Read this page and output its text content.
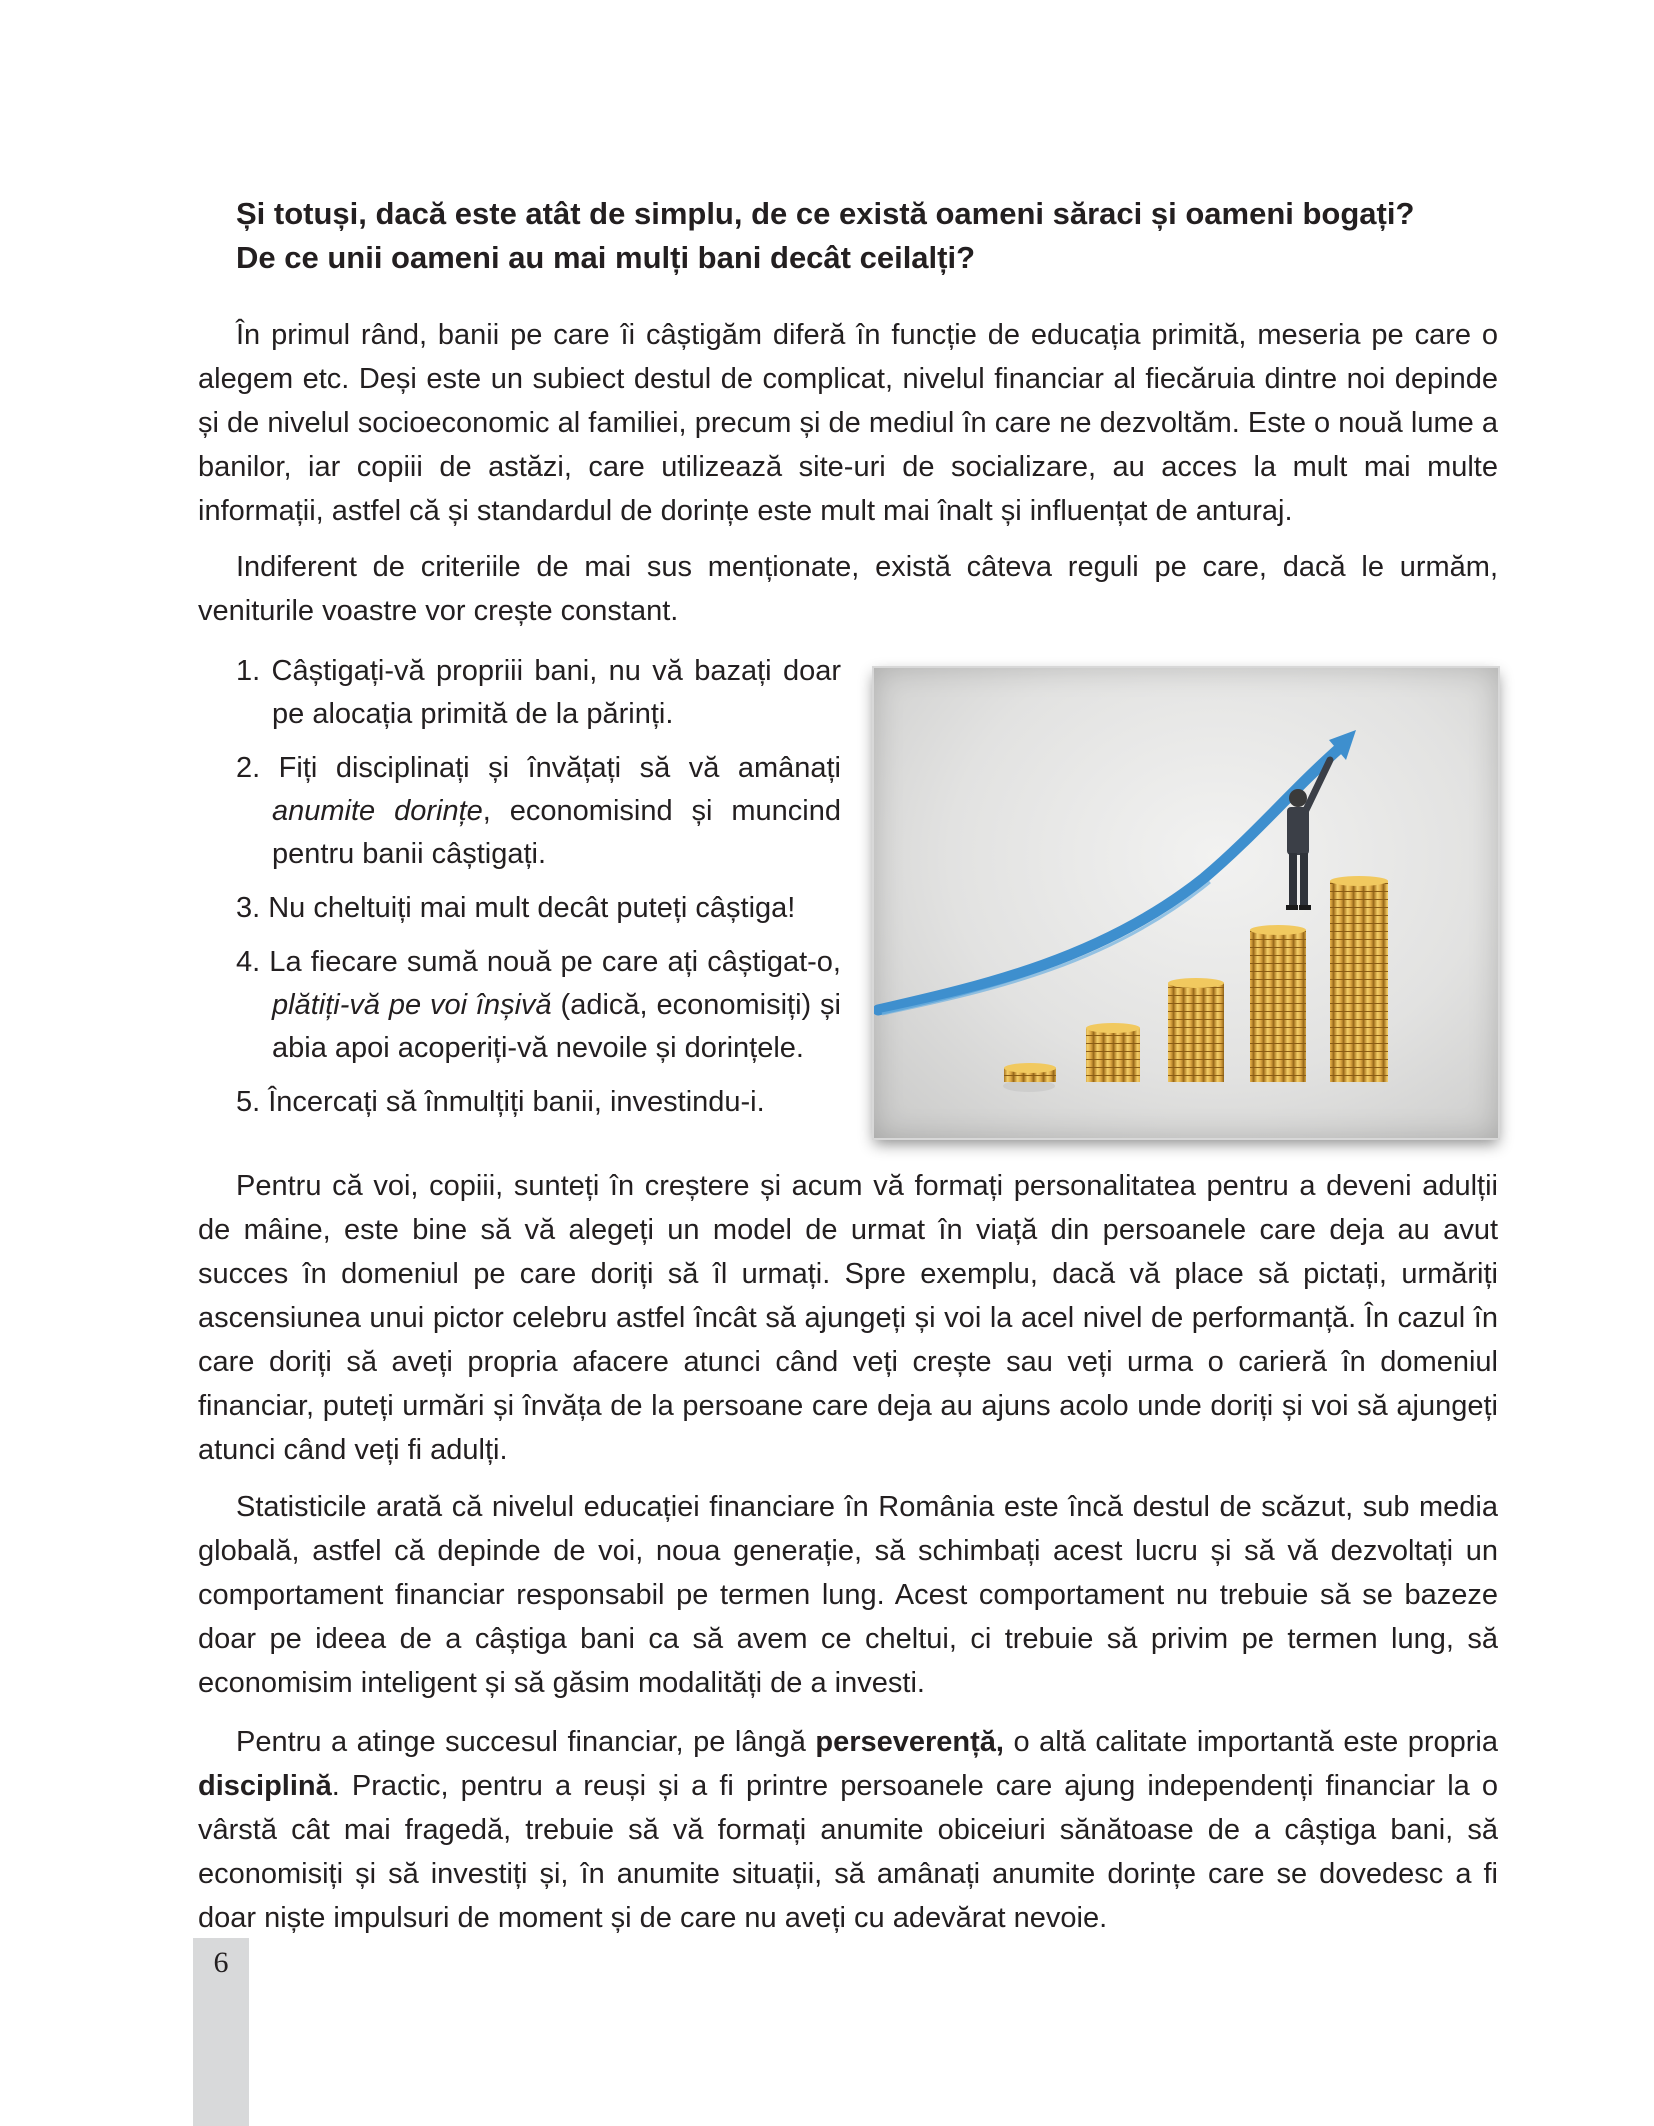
Și totuși, dacă este atât de simplu, de ce există oameni săraci și oameni bogați?
De ce unii oameni au mai mulți bani decât ceilalți?

În primul rând, banii pe care îi câștigăm diferă în funcție de educația primită, meseria pe care o alegem etc. Deși este un subiect destul de complicat, nivelul financiar al fiecăruia dintre noi depinde și de nivelul socioeconomic al familiei, precum și de mediul în care ne dezvoltăm. Este o nouă lume a banilor, iar copiii de astăzi, care utilizează site-uri de socializare, au acces la mult mai multe informații, astfel că și standardul de dorințe este mult mai înalt și influențat de anturaj.

Indiferent de criteriile de mai sus menționate, există câteva reguli pe care, dacă le urmăm, veniturile voastre vor crește constant.

1. Câștigați-vă propriii bani, nu vă bazați doar pe alocația primită de la părinți.
2. Fiți disciplinați și învățați să vă amânați anumite dorințe, economisind și muncind pentru banii câștigați.
3. Nu cheltuiți mai mult decât puteți câștiga!
4. La fiecare sumă nouă pe care ați câștigat-o, plătiți-vă pe voi înșivă (adică, economisiți) și abia apoi acoperiți-vă nevoile și dorințele.
5. Încercați să înmulțiți banii, investindu-i.

Pentru că voi, copiii, sunteți în creștere și acum vă formați personalitatea pentru a deveni adulții de mâine, este bine să vă alegeți un model de urmat în viață din persoanele care deja au avut succes în domeniul pe care doriți să îl urmați. Spre exemplu, dacă vă place să pictați, urmăriți ascensiunea unui pictor celebru astfel încât să ajungeți și voi la acel nivel de performanță. În cazul în care doriți să aveți propria afacere atunci când veți crește sau veți urma o carieră în domeniul financiar, puteți urmări și învăța de la persoane care deja au ajuns acolo unde doriți și voi să ajungeți atunci când veți fi adulți.

Statisticile arată că nivelul educației financiare în România este încă destul de scăzut, sub media globală, astfel că depinde de voi, noua generație, să schimbați acest lucru și să vă dezvoltați un comportament financiar responsabil pe termen lung. Acest comportament nu trebuie să se bazeze doar pe ideea de a câștiga bani ca să avem ce cheltui, ci trebuie să privim pe termen lung, să economisim inteligent și să găsim modalități de a investi.

Pentru a atinge succesul financiar, pe lângă perseverență, o altă calitate importantă este propria disciplină. Practic, pentru a reuși și a fi printre persoanele care ajung independenți financiar la o vârstă cât mai fragedă, trebuie să vă formați anumite obiceiuri sănătoase de a câștiga bani, să economisiți și să investiți și, în anumite situații, să amânați anumite dorințe care se dovedesc a fi doar niște impulsuri de moment și de care nu aveți cu adevărat nevoie.

6
